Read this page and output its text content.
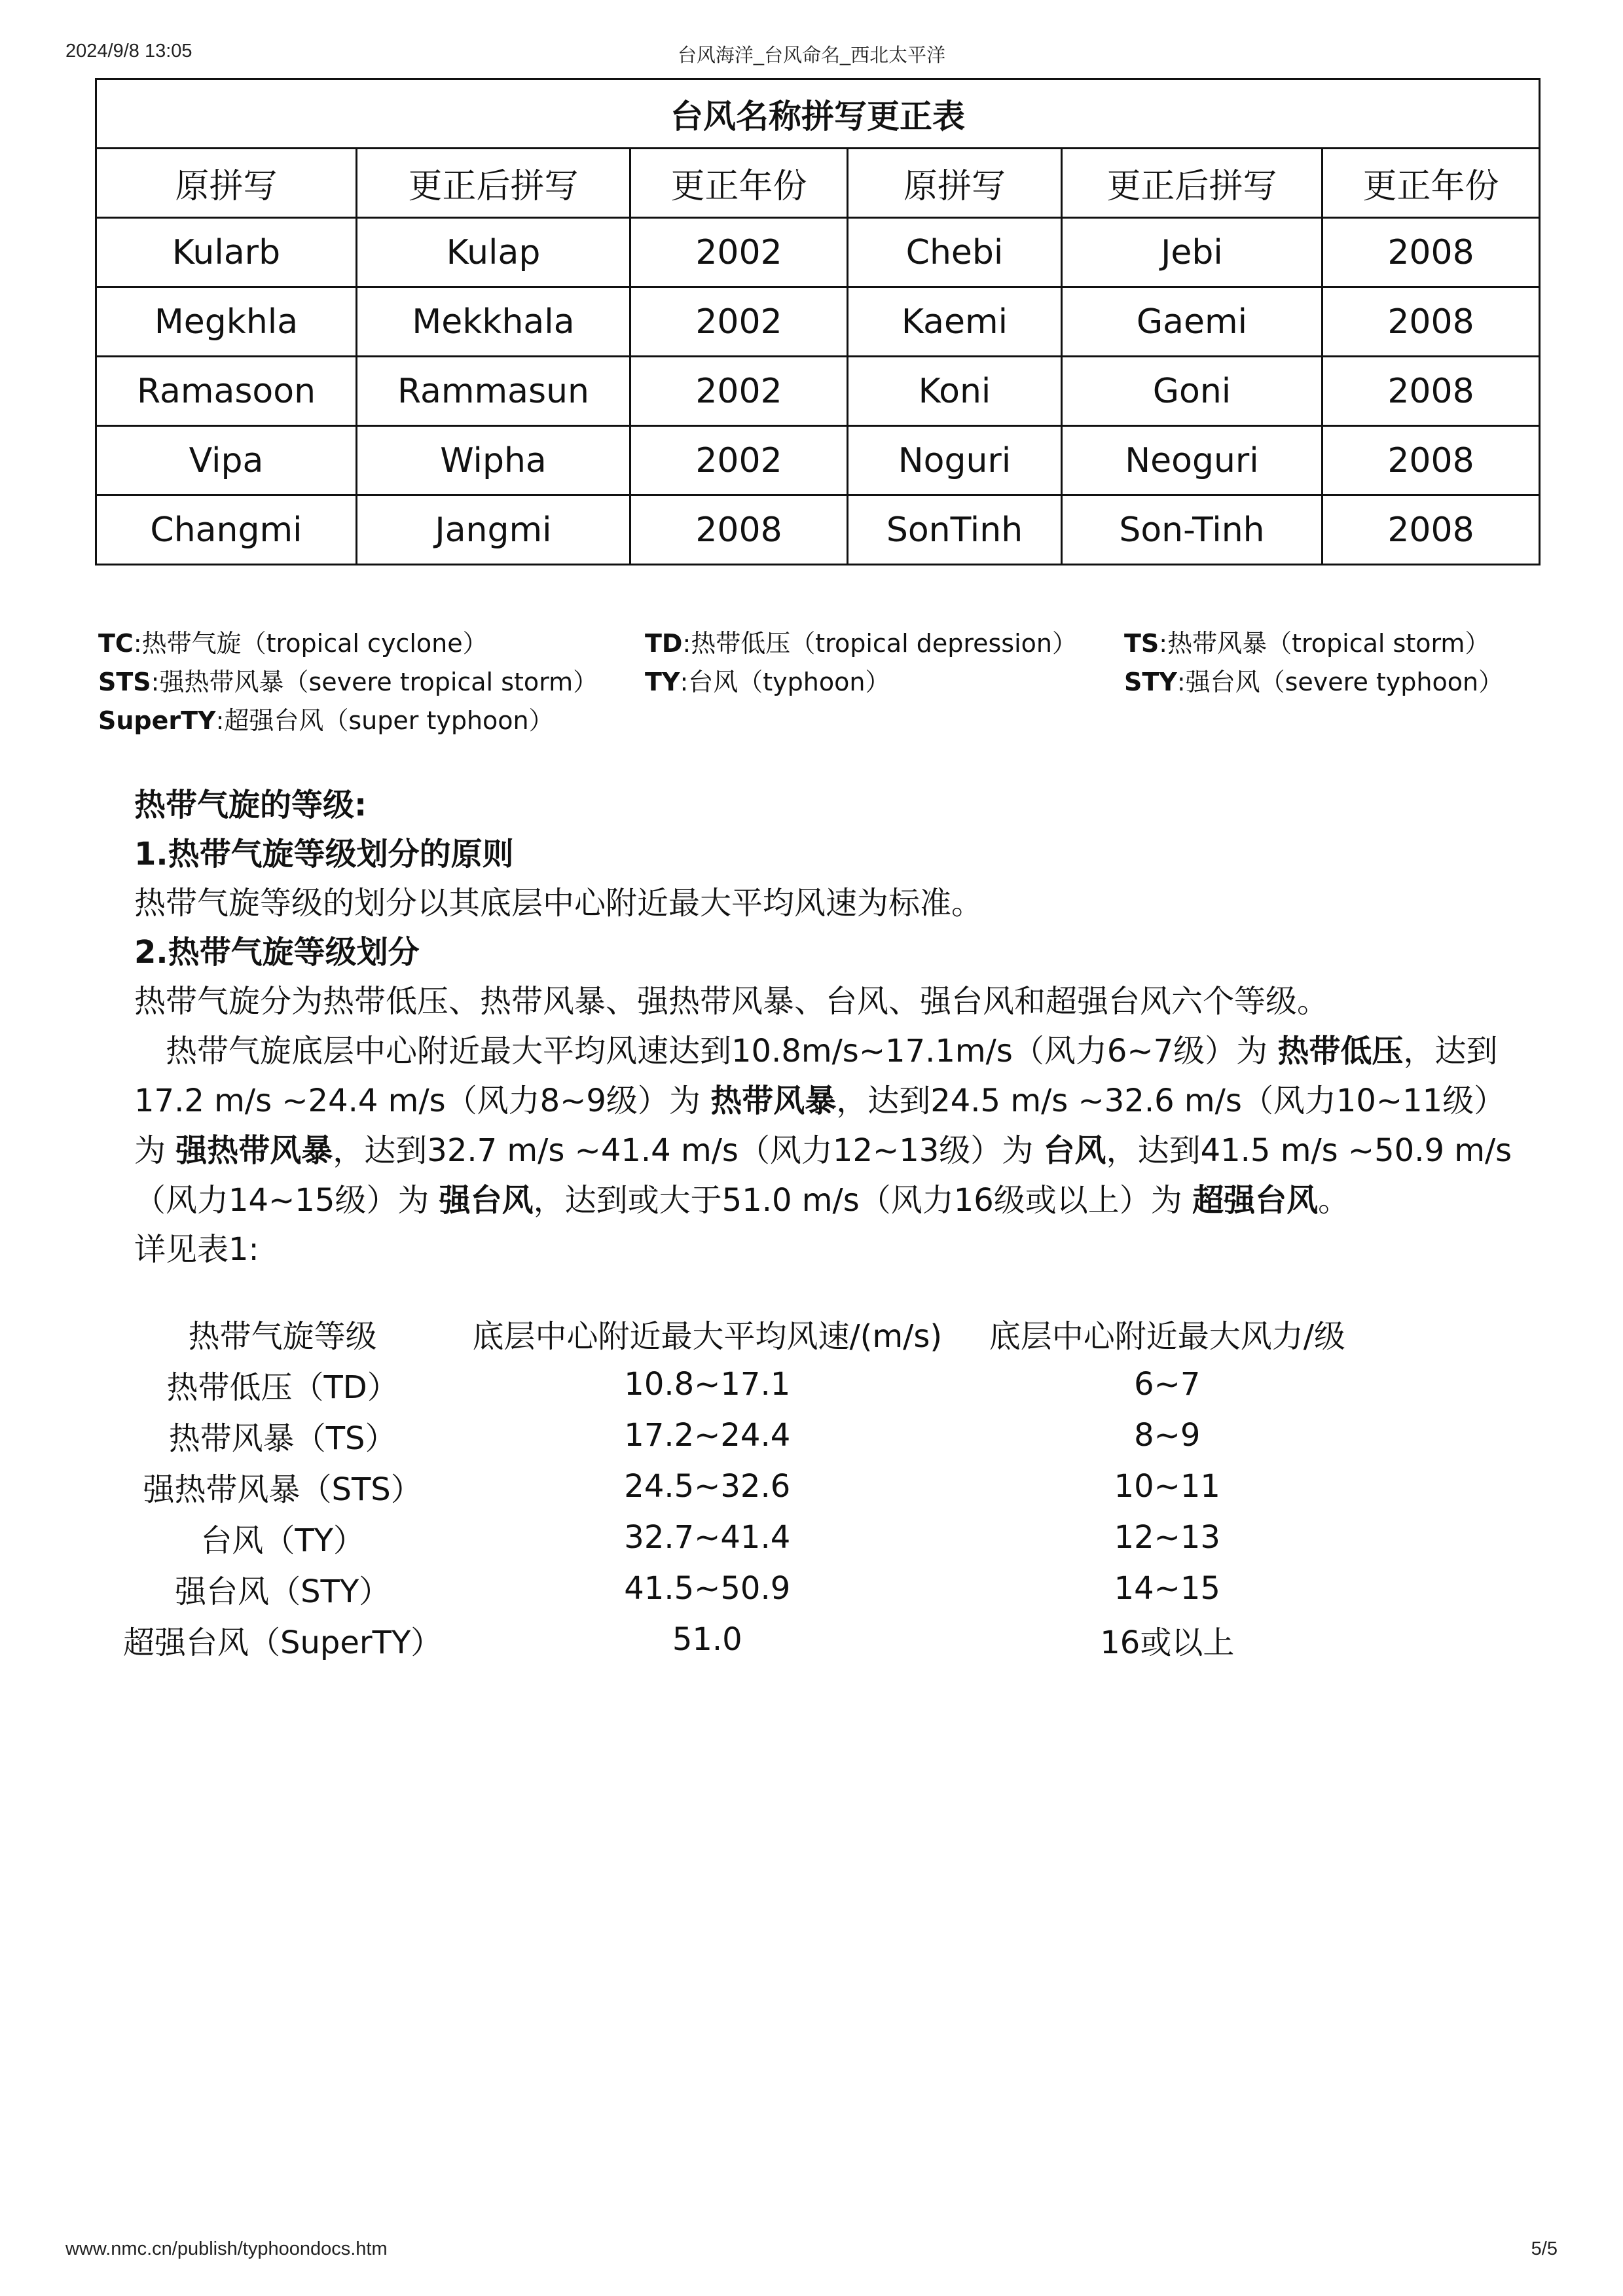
2024/9/8 13:05	台风海洋_台风命名_西北太平洋
www.nmc.cn/publish/typhoondocs.htm	5/5
台风名称拼写更正表					
原拼写	更正后拼写	更正年份	原拼写	更正后拼写	更正年份
Kularb	Kulap	2002	Chebi	Jebi	2008
Megkhla	Mekkhala	2002	Kaemi	Gaemi	2008
Ramasoon	Rammasun	2002	Koni	Goni	2008
Vipa	Wipha	2002	Noguri	Neoguri	2008
Changmi	Jangmi	2008	SonTinh	Son-Tinh	2008
TC:热带气旋（tropical cyclone）	TD:热带低压（tropical depression） TS:热带风暴（tropical storm）
STS:强热带风暴（severe tropical storm） TY:台风（typhoon）	STY:强台风（severe typhoon）
SuperTY:超强台风（super typhoon）
热带气旋的等级:
1.热带气旋等级划分的原则
热带气旋等级的划分以其底层中心附近最大平均风速为标准。
2.热带气旋等级划分
热带气旋分为热带低压、热带风暴、强热带风暴、台风、强台风和超强台风六个等级。
热带气旋底层中心附近最大平均风速达到10.8m/s~17.1m/s（风力6~7级）为 热带低压，达到17.2 m/s ~24.4 m/s（风力8~9级）为 热带风暴，达到24.5 m/s ~32.6 m/s（风力10~11级）为 强热带风暴，达到32.7 m/s ~41.4 m/s（风力12~13级）为 台风，达到41.5 m/s ~50.9 m/s（风力14~15级）为 强台风，达到或大于51.0 m/s（风力16级或以上）为 超强台风。
详见表1:
热带气旋等级	底层中心附近最大平均风速/(m/s)	底层中心附近最大风力/级
热带低压（TD）	10.8~17.1	6~7
热带风暴（TS）	17.2~24.4	8~9
强热带风暴（STS）	24.5~32.6	10~11
台风（TY）	32.7~41.4	12~13
强台风（STY）	41.5~50.9	14~15
超强台风（SuperTY）	51.0	16或以上
